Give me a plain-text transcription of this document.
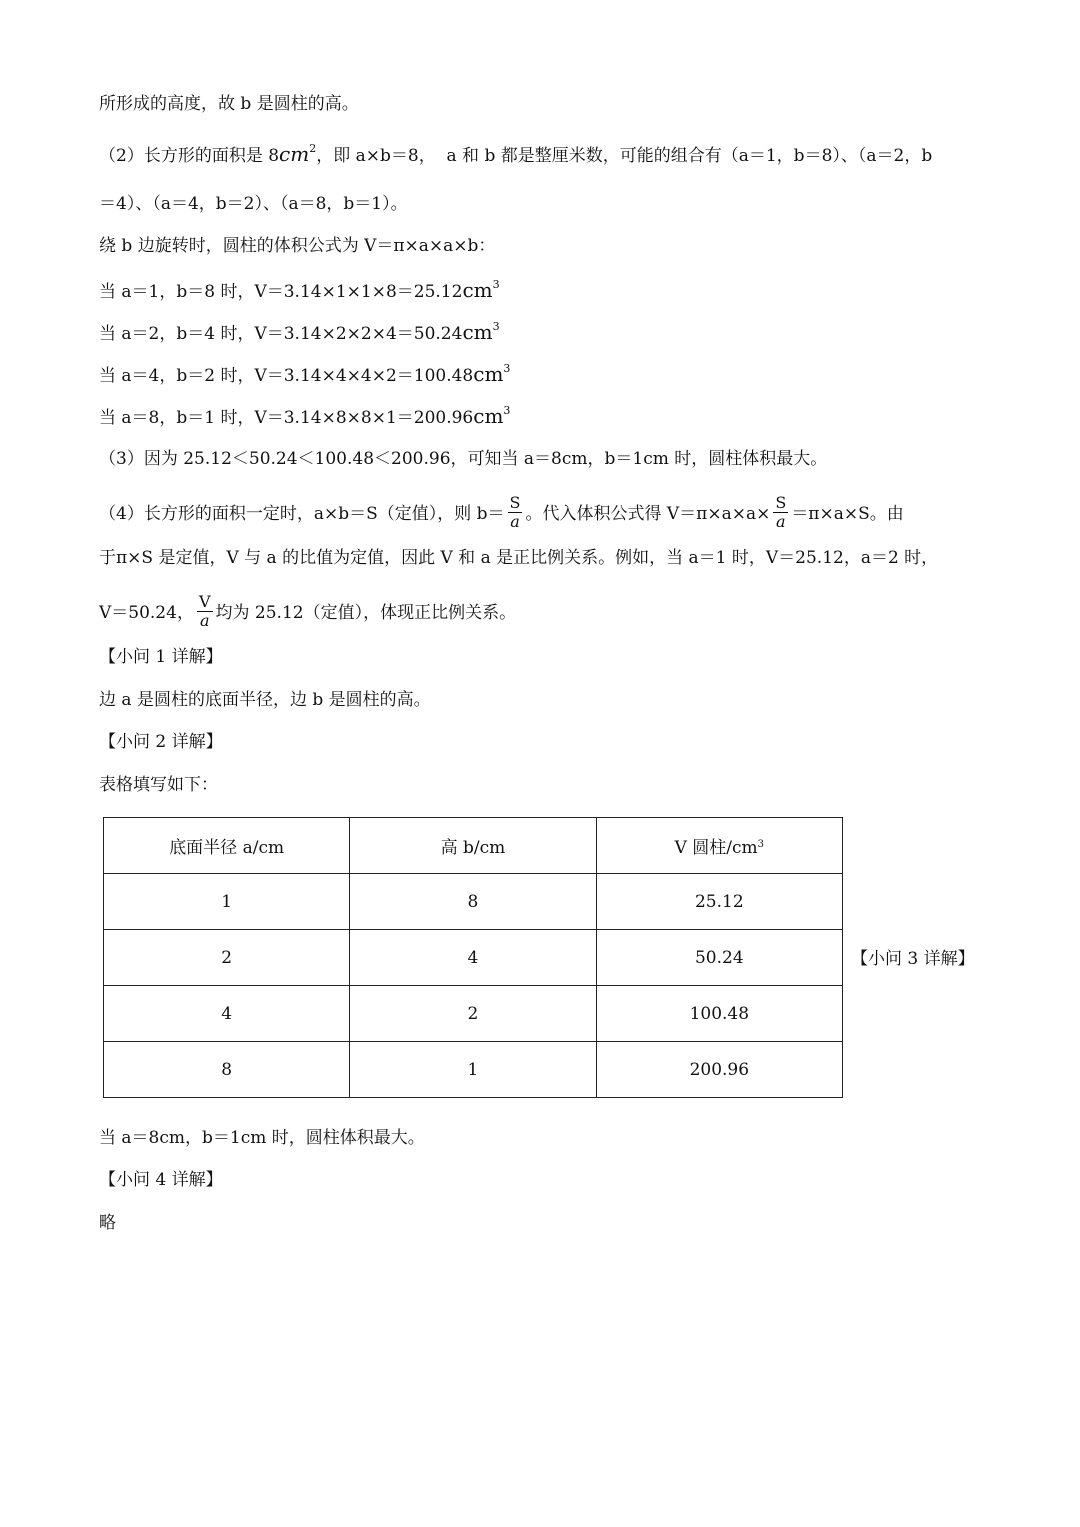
所形成的高度，故 b 是圆柱的高。
（2）长方形的面积是 $8cm^2$，即 a×b＝8，  a 和 b 都是整厘米数，可能的组合有（a＝1，b＝8）、（a＝2，b
＝4）、（a＝4，b＝2）、（a＝8，b＝1）。
绕 b 边旋转时，圆柱的体积公式为 V＝π×a×a×b：
当 a＝1，b＝8 时，$V=3.14\times 1\times 1\times 8=25.12cm^3$
当 a＝2，b＝4 时，$V=3.14\times 2\times 2\times 4=50.24cm^3$
当 a＝4，b＝2 时，$V=3.14\times 4\times 4\times 2=100.48cm^3$
当 a＝8，b＝1 时，$V=3.14\times 8\times 8\times 1=200.96cm^3$
（3）因为 25.12＜50.24＜100.48＜200.96，可知当 a＝8cm，b＝1cm 时，圆柱体积最大。
（4）长方形的面积一定时，a×b＝S（定值），则 $b= \frac{S}{a}$ 。代入体积公式得 $V=\pi\times a\times a\times \frac{S}{a} =\pi\times a\times S$。由
于π×S 是定值，V 与 a 的比值为定值，因此 V 和 a 是正比例关系。例如，当 a＝1 时，V＝25.12，a＝2 时，
V＝50.24， $\frac{V}{a}$ 均为 25.12（定值），体现正比例关系。
【小问 1 详解】
边 a 是圆柱的底面半径，边 b 是圆柱的高。
【小问 2 详解】
表格填写如下：
底面半径 a/cm	高 b/cm	V 圆柱$/cm^3$
1	8	25.12
2	4	50.24
4	2	100.48
8	1	200.96
【小问 3 详解】
当 a＝8cm，b＝1cm 时，圆柱体积最大。
【小问 4 详解】
略
